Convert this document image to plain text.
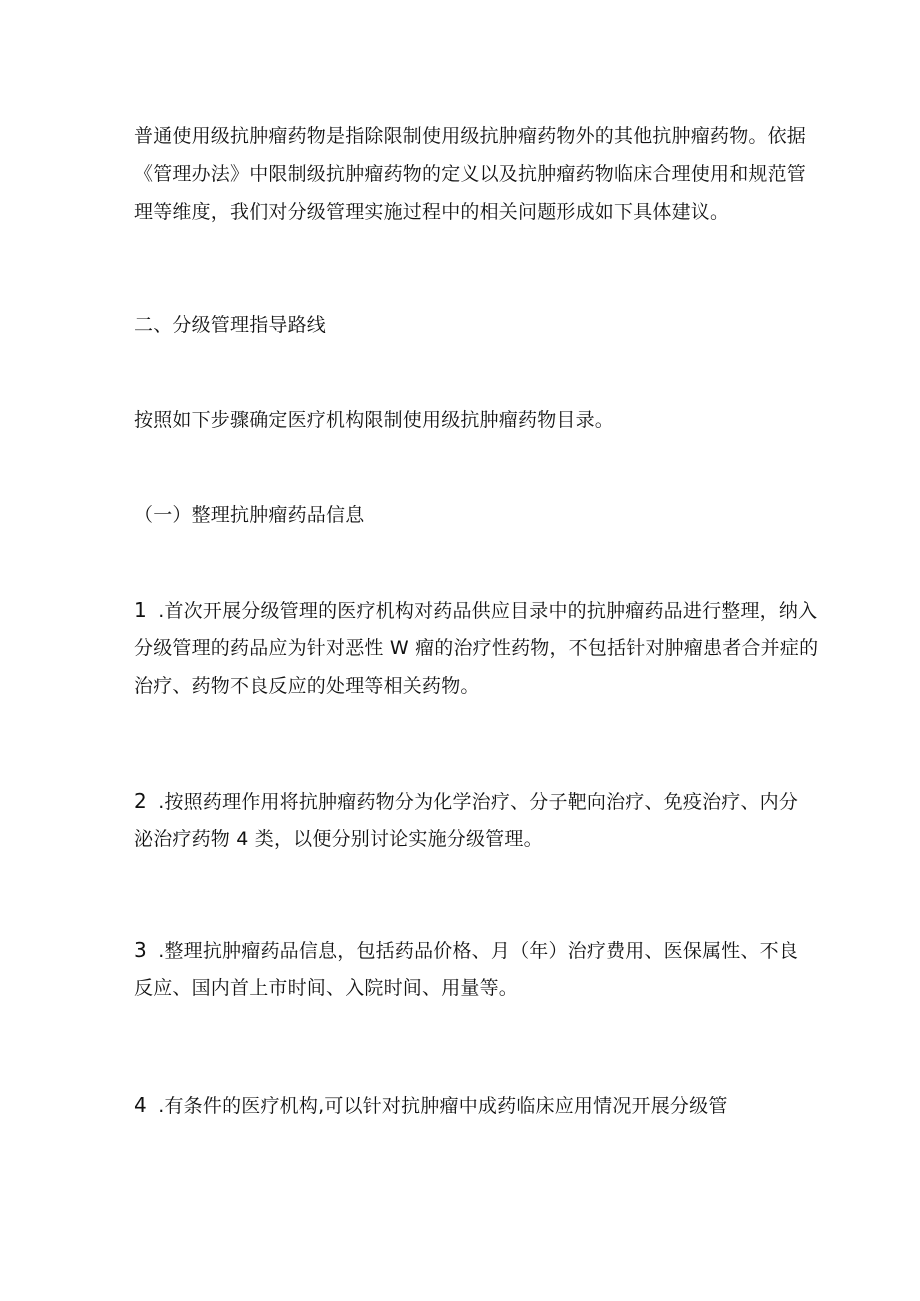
普通使用级抗肿瘤药物是指除限制使用级抗肿瘤药物外的其他抗肿瘤药物。依据
《管理办法》中限制级抗肿瘤药物的定义以及抗肿瘤药物临床合理使用和规范管
理等维度，我们对分级管理实施过程中的相关问题形成如下具体建议。

二、分级管理指导路线

按照如下步骤确定医疗机构限制使用级抗肿瘤药物目录。

（一）整理抗肿瘤药品信息

1 .首次开展分级管理的医疗机构对药品供应目录中的抗肿瘤药品进行整理，纳入
分级管理的药品应为针对恶性 W 瘤的治疗性药物，不包括针对肿瘤患者合并症的
治疗、药物不良反应的处理等相关药物。

2 .按照药理作用将抗肿瘤药物分为化学治疗、分子靶向治疗、免疫治疗、内分
泌治疗药物 4 类，以便分别讨论实施分级管理。

3 .整理抗肿瘤药品信息，包括药品价格、月（年）治疗费用、医保属性、不良
反应、国内首上市时间、入院时间、用量等。

4 .有条件的医疗机构,可以针对抗肿瘤中成药临床应用情况开展分级管
